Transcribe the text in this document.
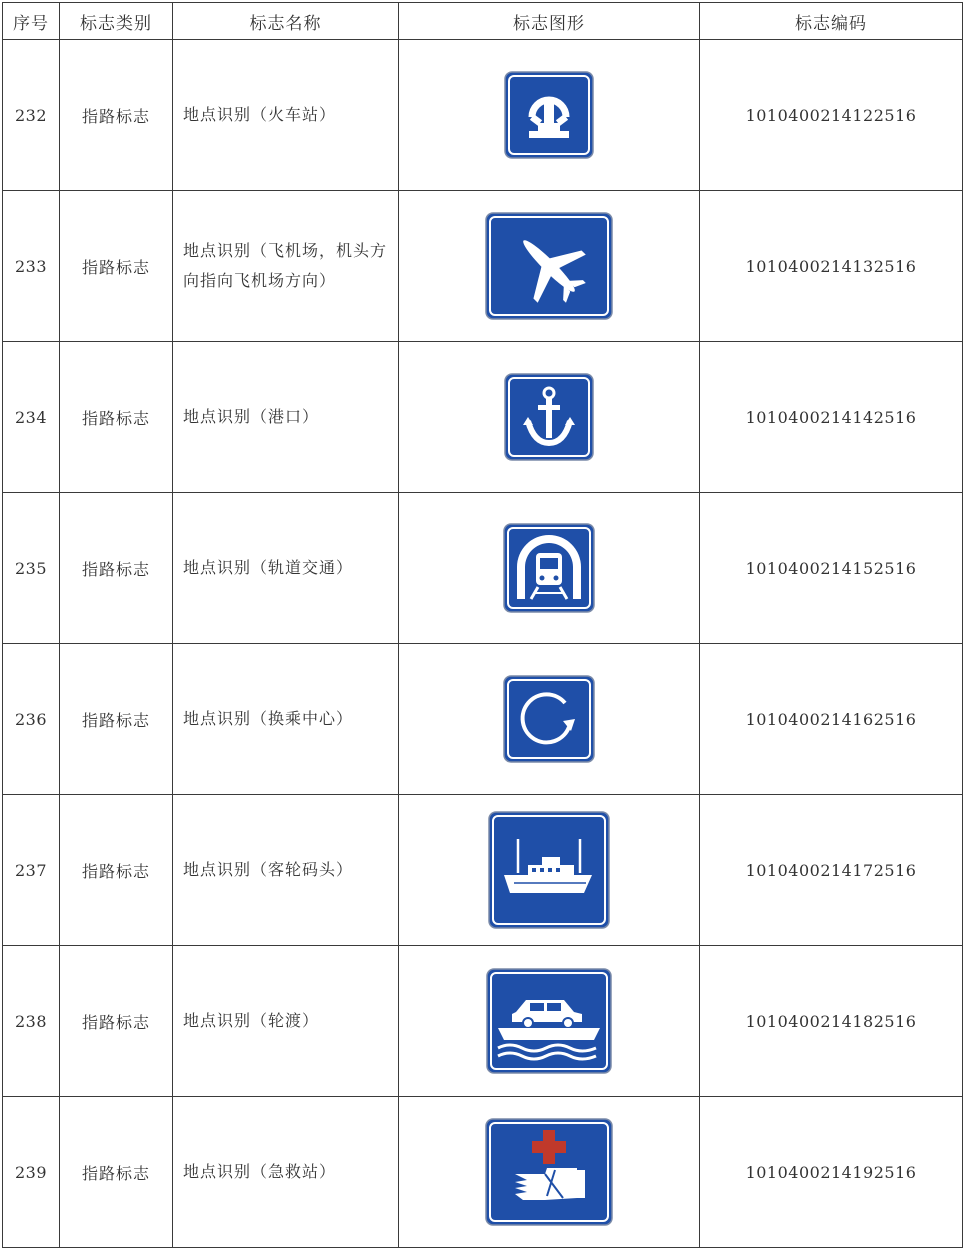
序号	标志类别	标志名称	标志图形	标志编码
232	指路标志	地点识别（火车站）		1010400214122516
233	指路标志	地点识别（飞机场，机头方向指向飞机场方向）		1010400214132516
234	指路标志	地点识别（港口）		1010400214142516
235	指路标志	地点识别（轨道交通）		1010400214152516
236	指路标志	地点识别（换乘中心）		1010400214162516
237	指路标志	地点识别（客轮码头）		1010400214172516
238	指路标志	地点识别（轮渡）		1010400214182516
239	指路标志	地点识别（急救站）		1010400214192516
